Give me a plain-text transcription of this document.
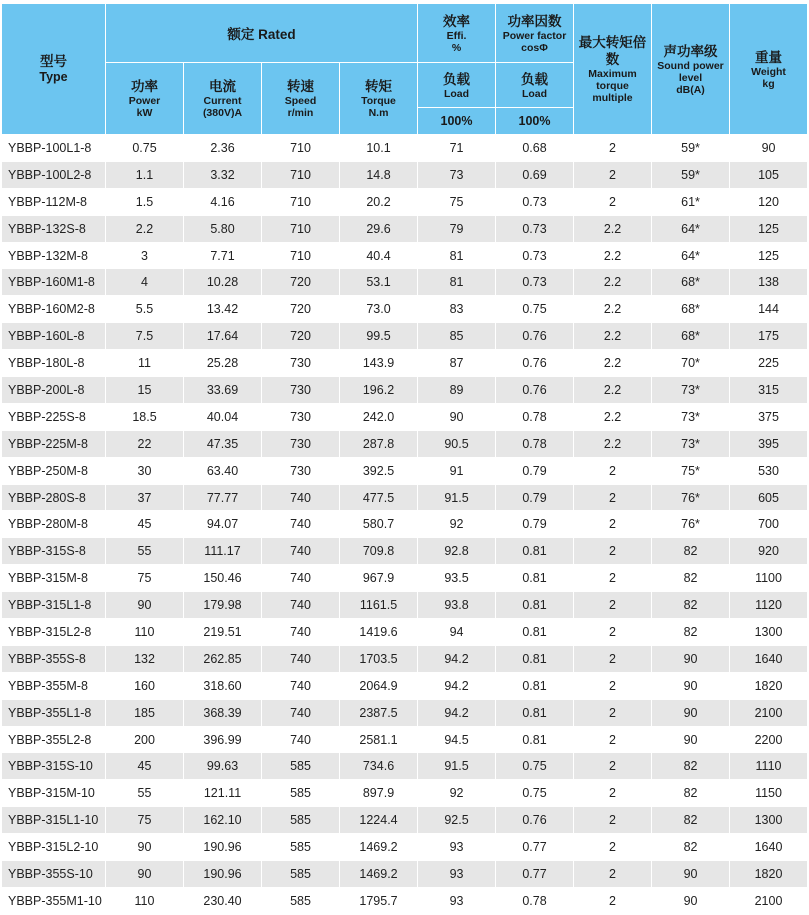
型号
Type	额定 Rated				效率
Effi.
%	功率因数
Power factor
cosΦ	最大转矩倍数
Maximum
torque
multiple	声功率级
Sound power
level
dB(A)	重量
Weight
kg

	功率
Power
kW	电流
Current
(380V)A	转速
Speed
r/min	转矩
Torque
N.m	负载
Load	负载
Load			

					100%	100%			
YBBP-100L1-8	0.75	2.36	710	10.1	71	0.68	2	59*	90
YBBP-100L2-8	1.1	3.32	710	14.8	73	0.69	2	59*	105
YBBP-112M-8	1.5	4.16	710	20.2	75	0.73	2	61*	120
YBBP-132S-8	2.2	5.80	710	29.6	79	0.73	2.2	64*	125
YBBP-132M-8	3	7.71	710	40.4	81	0.73	2.2	64*	125
YBBP-160M1-8	4	10.28	720	53.1	81	0.73	2.2	68*	138
YBBP-160M2-8	5.5	13.42	720	73.0	83	0.75	2.2	68*	144
YBBP-160L-8	7.5	17.64	720	99.5	85	0.76	2.2	68*	175
YBBP-180L-8	11	25.28	730	143.9	87	0.76	2.2	70*	225
YBBP-200L-8	15	33.69	730	196.2	89	0.76	2.2	73*	315
YBBP-225S-8	18.5	40.04	730	242.0	90	0.78	2.2	73*	375
YBBP-225M-8	22	47.35	730	287.8	90.5	0.78	2.2	73*	395
YBBP-250M-8	30	63.40	730	392.5	91	0.79	2	75*	530
YBBP-280S-8	37	77.77	740	477.5	91.5	0.79	2	76*	605
YBBP-280M-8	45	94.07	740	580.7	92	0.79	2	76*	700
YBBP-315S-8	55	111.17	740	709.8	92.8	0.81	2	82	920
YBBP-315M-8	75	150.46	740	967.9	93.5	0.81	2	82	1100
YBBP-315L1-8	90	179.98	740	1161.5	93.8	0.81	2	82	1120
YBBP-315L2-8	110	219.51	740	1419.6	94	0.81	2	82	1300
YBBP-355S-8	132	262.85	740	1703.5	94.2	0.81	2	90	1640
YBBP-355M-8	160	318.60	740	2064.9	94.2	0.81	2	90	1820
YBBP-355L1-8	185	368.39	740	2387.5	94.2	0.81	2	90	2100
YBBP-355L2-8	200	396.99	740	2581.1	94.5	0.81	2	90	2200
YBBP-315S-10	45	99.63	585	734.6	91.5	0.75	2	82	1110
YBBP-315M-10	55	121.11	585	897.9	92	0.75	2	82	1150
YBBP-315L1-10	75	162.10	585	1224.4	92.5	0.76	2	82	1300
YBBP-315L2-10	90	190.96	585	1469.2	93	0.77	2	82	1640
YBBP-355S-10	90	190.96	585	1469.2	93	0.77	2	90	1820
YBBP-355M1-10	110	230.40	585	1795.7	93	0.78	2	90	2100
